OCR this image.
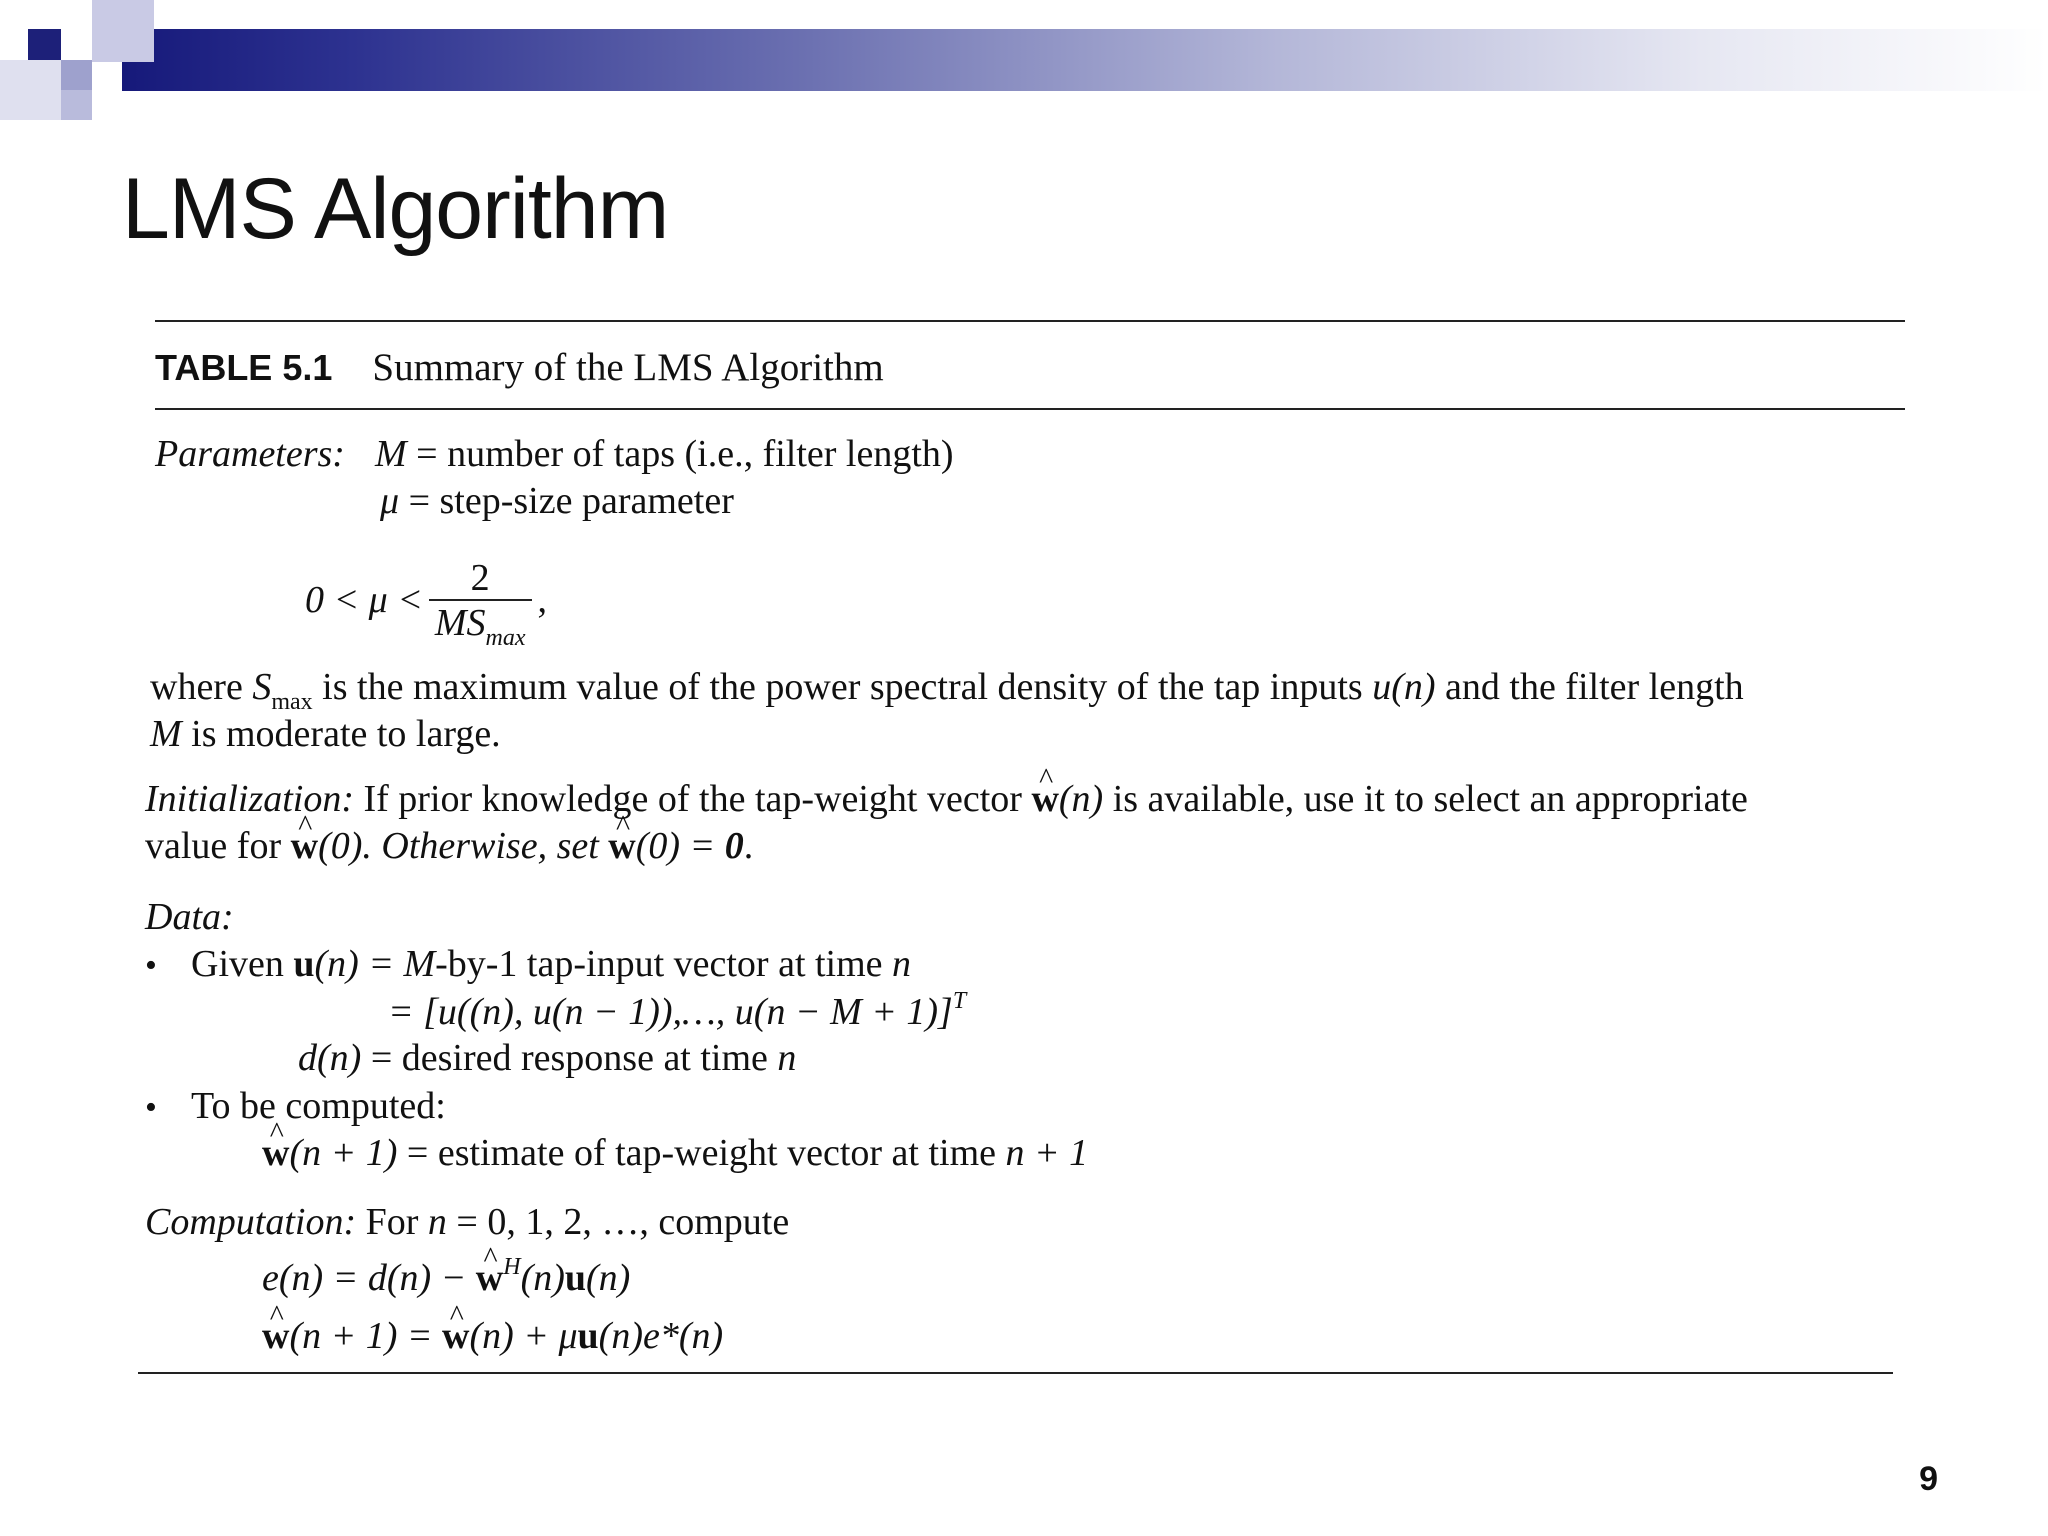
LMS Algorithm
TABLE 5.1 Summary of the LMS Algorithm
Parameters: M = number of taps (i.e., filter length)
μ = step-size parameter
$0 < \mu < \frac{2}{MS_{max}}$ ,
where $S_{max}$ is the maximum value of the power spectral density of the tap inputs u(n) and the filter length
M is moderate to large.
Initialization: If prior knowledge of the tap-weight vector ^ w(n) is available, use it to select an appropriate
value for ^ w(0). Otherwise, set ^ w(0) = 0.
Data:
• Given u(n) = M-by-1 tap-input vector at time n
= [u((n), u(n − 1)),…, u(n − M + 1)]$^T$
d(n) = desired response at time n
• To be computed:
^ w(n + 1) = estimate of tap-weight vector at time n + 1
Computation: For n = 0, 1, 2, …, compute
e(n) = d(n) − ^ $w^H(n)u(n)$
^ w(n + 1) = ^ w(n) + μu(n)e*(n)
9
